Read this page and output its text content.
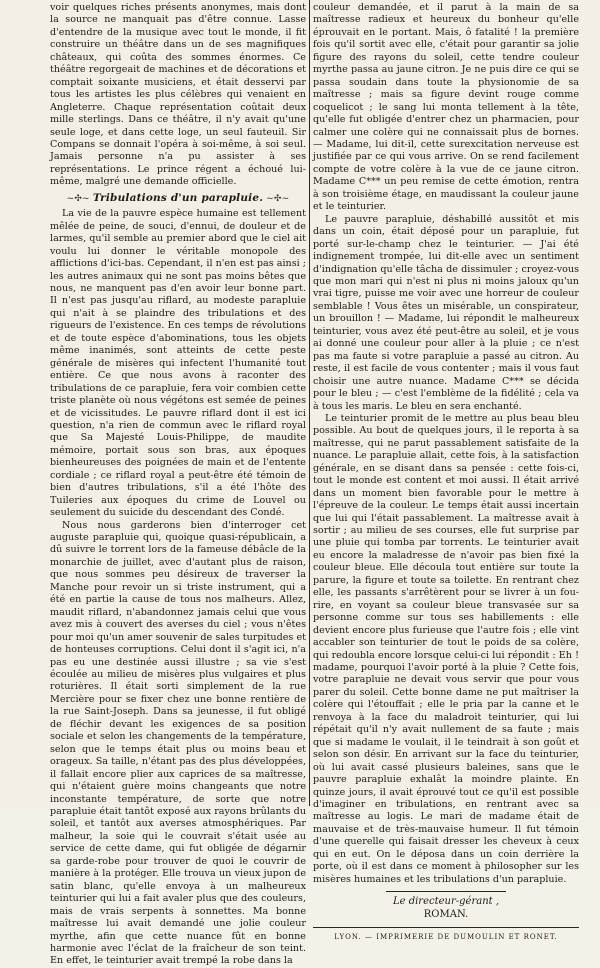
voir quelques riches présents anonymes, mais dont la source ne manquait pas d'être connue. Lasse d'entendre de la musique avec tout le monde, il fit construire un théâtre dans un de ses magnifiques châteaux, qui coûta des sommes énormes. Ce théâtre regorgeait de machines et de décorations et comptait soixante musiciens, et était desservi par tous les artistes les plus célèbres qui venaient en Angleterre. Chaque représentation coûtait deux mille sterlings. Dans ce théâtre, il n'y avait qu'une seule loge, et dans cette loge, un seul fauteuil. Sir Compans se donnait l'opéra à soi-même, à soi seul. Jamais personne n'a pu assister à ses représentations. Le prince régent a échoué lui-même, malgré une demande officielle.

~✣~ Tribulations d'un parapluie. ~✣~

La vie de la pauvre espèce humaine est tellement mêlée de peine, de souci, d'ennui, de douleur et de larmes, qu'il semble au premier abord que le ciel ait voulu lui donner le véritable monopole des afflictions d'ici-bas. Cependant, il n'en est pas ainsi ; les autres animaux qui ne sont pas moins bêtes que nous, ne manquent pas d'en avoir leur bonne part. Il n'est pas jusqu'au riflard, au modeste parapluie qui n'ait à se plaindre des tribulations et des rigueurs de l'existence. En ces temps de révolutions et de toute espèce d'abominations, tous les objets même inanimés, sont atteints de cette peste générale de misères qui infectent l'humanité tout entière. Ce que nous avons à raconter des tribulations de ce parapluie, fera voir combien cette triste planète où nous végétons est semée de peines et de vicissitudes. Le pauvre riflard dont il est ici question, n'a rien de commun avec le riflard royal que Sa Majesté Louis-Philippe, de maudite mémoire, portait sous son bras, aux époques bienheureuses des poignées de main et de l'entente cordiale ; ce riflard royal a peut-être été témoin de bien d'autres tribulations, s'il a été l'hôte des Tuileries aux époques du crime de Louvel ou seulement du suicide du descendant des Condé.

Nous nous garderons bien d'interroger cet auguste parapluie qui, quoique quasi-républicain, a dû suivre le torrent lors de la fameuse débâcle de la monarchie de juillet, avec d'autant plus de raison, que nous sommes peu désireux de traverser la Manche pour revoir un si triste instrument, qui a été en partie la cause de tous nos malheurs. Allez, maudit riflard, n'abandonnez jamais celui que vous avez mis à couvert des averses du ciel ; vous n'êtes pour moi qu'un amer souvenir de sales turpitudes et de honteuses corruptions. Celui dont il s'agit ici, n'a pas eu une destinée aussi illustre ; sa vie s'est écoulée au milieu de misères plus vulgaires et plus roturières. Il était sorti simplement de la rue Mercière pour se fixer chez une bonne rentière de la rue Saint-Joseph. Dans sa jeunesse, il fut obligé de fléchir devant les exigences de sa position sociale et selon les changements de la température, selon que le temps était plus ou moins beau et orageux. Sa taille, n'étant pas des plus développées, il fallait encore plier aux caprices de sa maîtresse, qui n'étaient guère moins changeants que notre inconstante température, de sorte que notre parapluie était tantôt exposé aux rayons brûlants du soleil, et tantôt aux averses atmosphériques. Par malheur, la soie qui le couvrait s'était usée au service de cette dame, qui fut obligée de dégarnir sa garde-robe pour trouver de quoi le couvrir de manière à la protéger. Elle trouva un vieux jupon de satin blanc, qu'elle envoya à un malheureux teinturier qui lui a fait avaler plus que des couleurs, mais de vrais serpents à sonnettes. Ma bonne maîtresse lui avait demandé une jolie couleur myrthe, afin que cette nuance fût en bonne harmonie avec l'éclat de la fraîcheur de son teint. En effet, le teinturier avait trempé la robe dans la

couleur demandée, et il parut à la main de sa maîtresse radieux et heureux du bonheur qu'elle éprouvait en le portant. Mais, ô fatalité ! la première fois qu'il sortit avec elle, c'était pour garantir sa jolie figure des rayons du soleil, cette tendre couleur myrthe passa au jaune citron. Je ne puis dire ce qui se passa soudain dans toute la physionomie de sa maîtresse ; mais sa figure devint rouge comme coquelicot ; le sang lui monta tellement à la tête, qu'elle fut obligée d'entrer chez un pharmacien, pour calmer une colère qui ne connaissait plus de bornes. — Madame, lui dit-il, cette surexcitation nerveuse est justifiée par ce qui vous arrive. On se rend facilement compte de votre colère à la vue de ce jaune citron. Madame C*** un peu remise de cette émotion, rentra à son troisième étage, en maudissant la couleur jaune et le teinturier.

Le pauvre parapluie, déshabillé aussitôt et mis dans un coin, était déposé pour un parapluie, fut porté sur-le-champ chez le teinturier. — J'ai été indignement trompée, lui dit-elle avec un sentiment d'indignation qu'elle tâcha de dissimuler ; croyez-vous que mon mari qui n'est ni plus ni moins jaloux qu'un vrai tigre, puisse me voir avec une horreur de couleur semblable ! Vous êtes un misérable, un conspirateur, un brouillon ! — Madame, lui répondit le malheureux teinturier, vous avez été peut-être au soleil, et je vous ai donné une couleur pour aller à la pluie ; ce n'est pas ma faute si votre parapluie a passé au citron. Au reste, il est facile de vous contenter ; mais il vous faut choisir une autre nuance. Madame C*** se décida pour le bleu ; — c'est l'emblème de la fidélité ; cela va à tous les maris. Le bleu en sera enchanté.

Le teinturier promit de le mettre au plus beau bleu possible. Au bout de quelques jours, il le reporta à sa maîtresse, qui ne parut passablement satisfaite de la nuance. Le parapluie allait, cette fois, à la satisfaction générale, en se disant dans sa pensée : cette fois-ci, tout le monde est content et moi aussi. Il était arrivé dans un moment bien favorable pour le mettre à l'épreuve de la couleur. Le temps était aussi incertain que lui qui l'était passablement. La maîtresse avait à sortir ; au milieu de ses courses, elle fut surprise par une pluie qui tomba par torrents. Le teinturier avait eu encore la maladresse de n'avoir pas bien fixé la couleur bleue. Elle découla tout entière sur toute la parure, la figure et toute sa toilette. En rentrant chez elle, les passants s'arrêtèrent pour se livrer à un fou-rire, en voyant sa couleur bleue transvasée sur sa personne comme sur tous ses habillements : elle devient encore plus furieuse que l'autre fois ; elle vint accabler son teinturier de tout le poids de sa colère, qui redoubla encore lorsque celui-ci lui répondit : Eh ! madame, pourquoi l'avoir porté à la pluie ? Cette fois, votre parapluie ne devait vous servir que pour vous parer du soleil. Cette bonne dame ne put maîtriser la colère qui l'étouffait ; elle le pria par la canne et le renvoya à la face du maladroit teinturier, qui lui répétait qu'il n'y avait nullement de sa faute ; mais que si madame le voulait, il le teindrait à son goût et selon son désir. En arrivant sur la face du teinturier, où lui avait cassé plusieurs baleines, sans que le pauvre parapluie exhalât la moindre plainte. En quinze jours, il avait éprouvé tout ce qu'il est possible d'imaginer en tribulations, en rentrant avec sa maîtresse au logis. Le mari de madame était de mauvaise et de très-mauvaise humeur. Il fut témoin d'une querelle qui faisait dresser les cheveux à ceux qui en eut. On le déposa dans un coin derrière la porte, où il est dans ce moment à philosopher sur les misères humaines et les tribulations d'un parapluie.

Le directeur-gérant , ROMAN.
LYON. — IMPRIMERIE DE DUMOULIN ET RONET.
